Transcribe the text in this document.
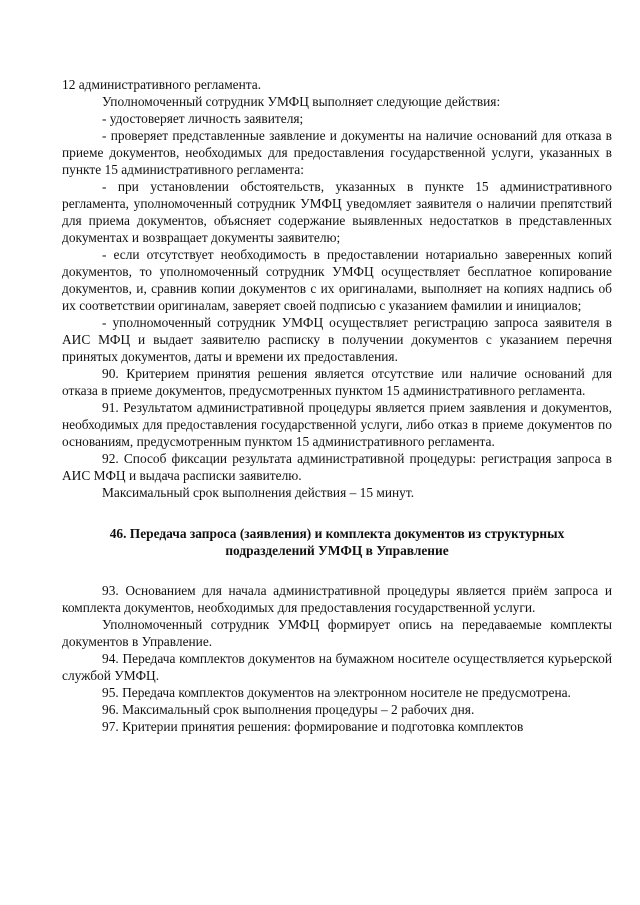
12 административного регламента.

Уполномоченный сотрудник УМФЦ выполняет следующие действия:

- удостоверяет личность заявителя;

- проверяет представленные заявление и документы на наличие оснований для отказа в приеме документов, необходимых для предоставления государственной услуги, указанных в пункте 15 административного регламента:

- при установлении обстоятельств, указанных в пункте 15 административного регламента, уполномоченный сотрудник УМФЦ уведомляет заявителя о наличии препятствий для приема документов, объясняет содержание выявленных недостатков в представленных документах и возвращает документы заявителю;

- если отсутствует необходимость в предоставлении нотариально заверенных копий документов, то уполномоченный сотрудник УМФЦ осуществляет бесплатное копирование документов, и, сравнив копии документов с их оригиналами, выполняет на копиях надпись об их соответствии оригиналам, заверяет своей подписью с указанием фамилии и инициалов;

- уполномоченный сотрудник УМФЦ осуществляет регистрацию запроса заявителя в АИС МФЦ и выдает заявителю расписку в получении документов с указанием перечня принятых документов, даты и времени их предоставления.

90. Критерием принятия решения является отсутствие или наличие оснований для отказа в приеме документов, предусмотренных пунктом 15 административного регламента.

91. Результатом административной процедуры является прием заявления и документов, необходимых для предоставления государственной услуги, либо отказ в приеме документов по основаниям, предусмотренным пунктом 15 административного регламента.

92. Способ фиксации результата административной процедуры: регистрация запроса в АИС МФЦ и выдача расписки заявителю.

Максимальный срок выполнения действия – 15 минут.

46. Передача запроса (заявления) и комплекта документов из структурных
подразделений УМФЦ в Управление

93. Основанием для начала административной процедуры является приём запроса и комплекта документов, необходимых для предоставления государственной услуги.

Уполномоченный сотрудник УМФЦ формирует опись на передаваемые комплекты документов в Управление.

94. Передача комплектов документов на бумажном носителе осуществляется курьерской службой УМФЦ.

95. Передача комплектов документов на электронном носителе не предусмотрена.

96. Максимальный срок выполнения процедуры – 2 рабочих дня.

97. Критерии принятия решения: формирование и подготовка комплектов
